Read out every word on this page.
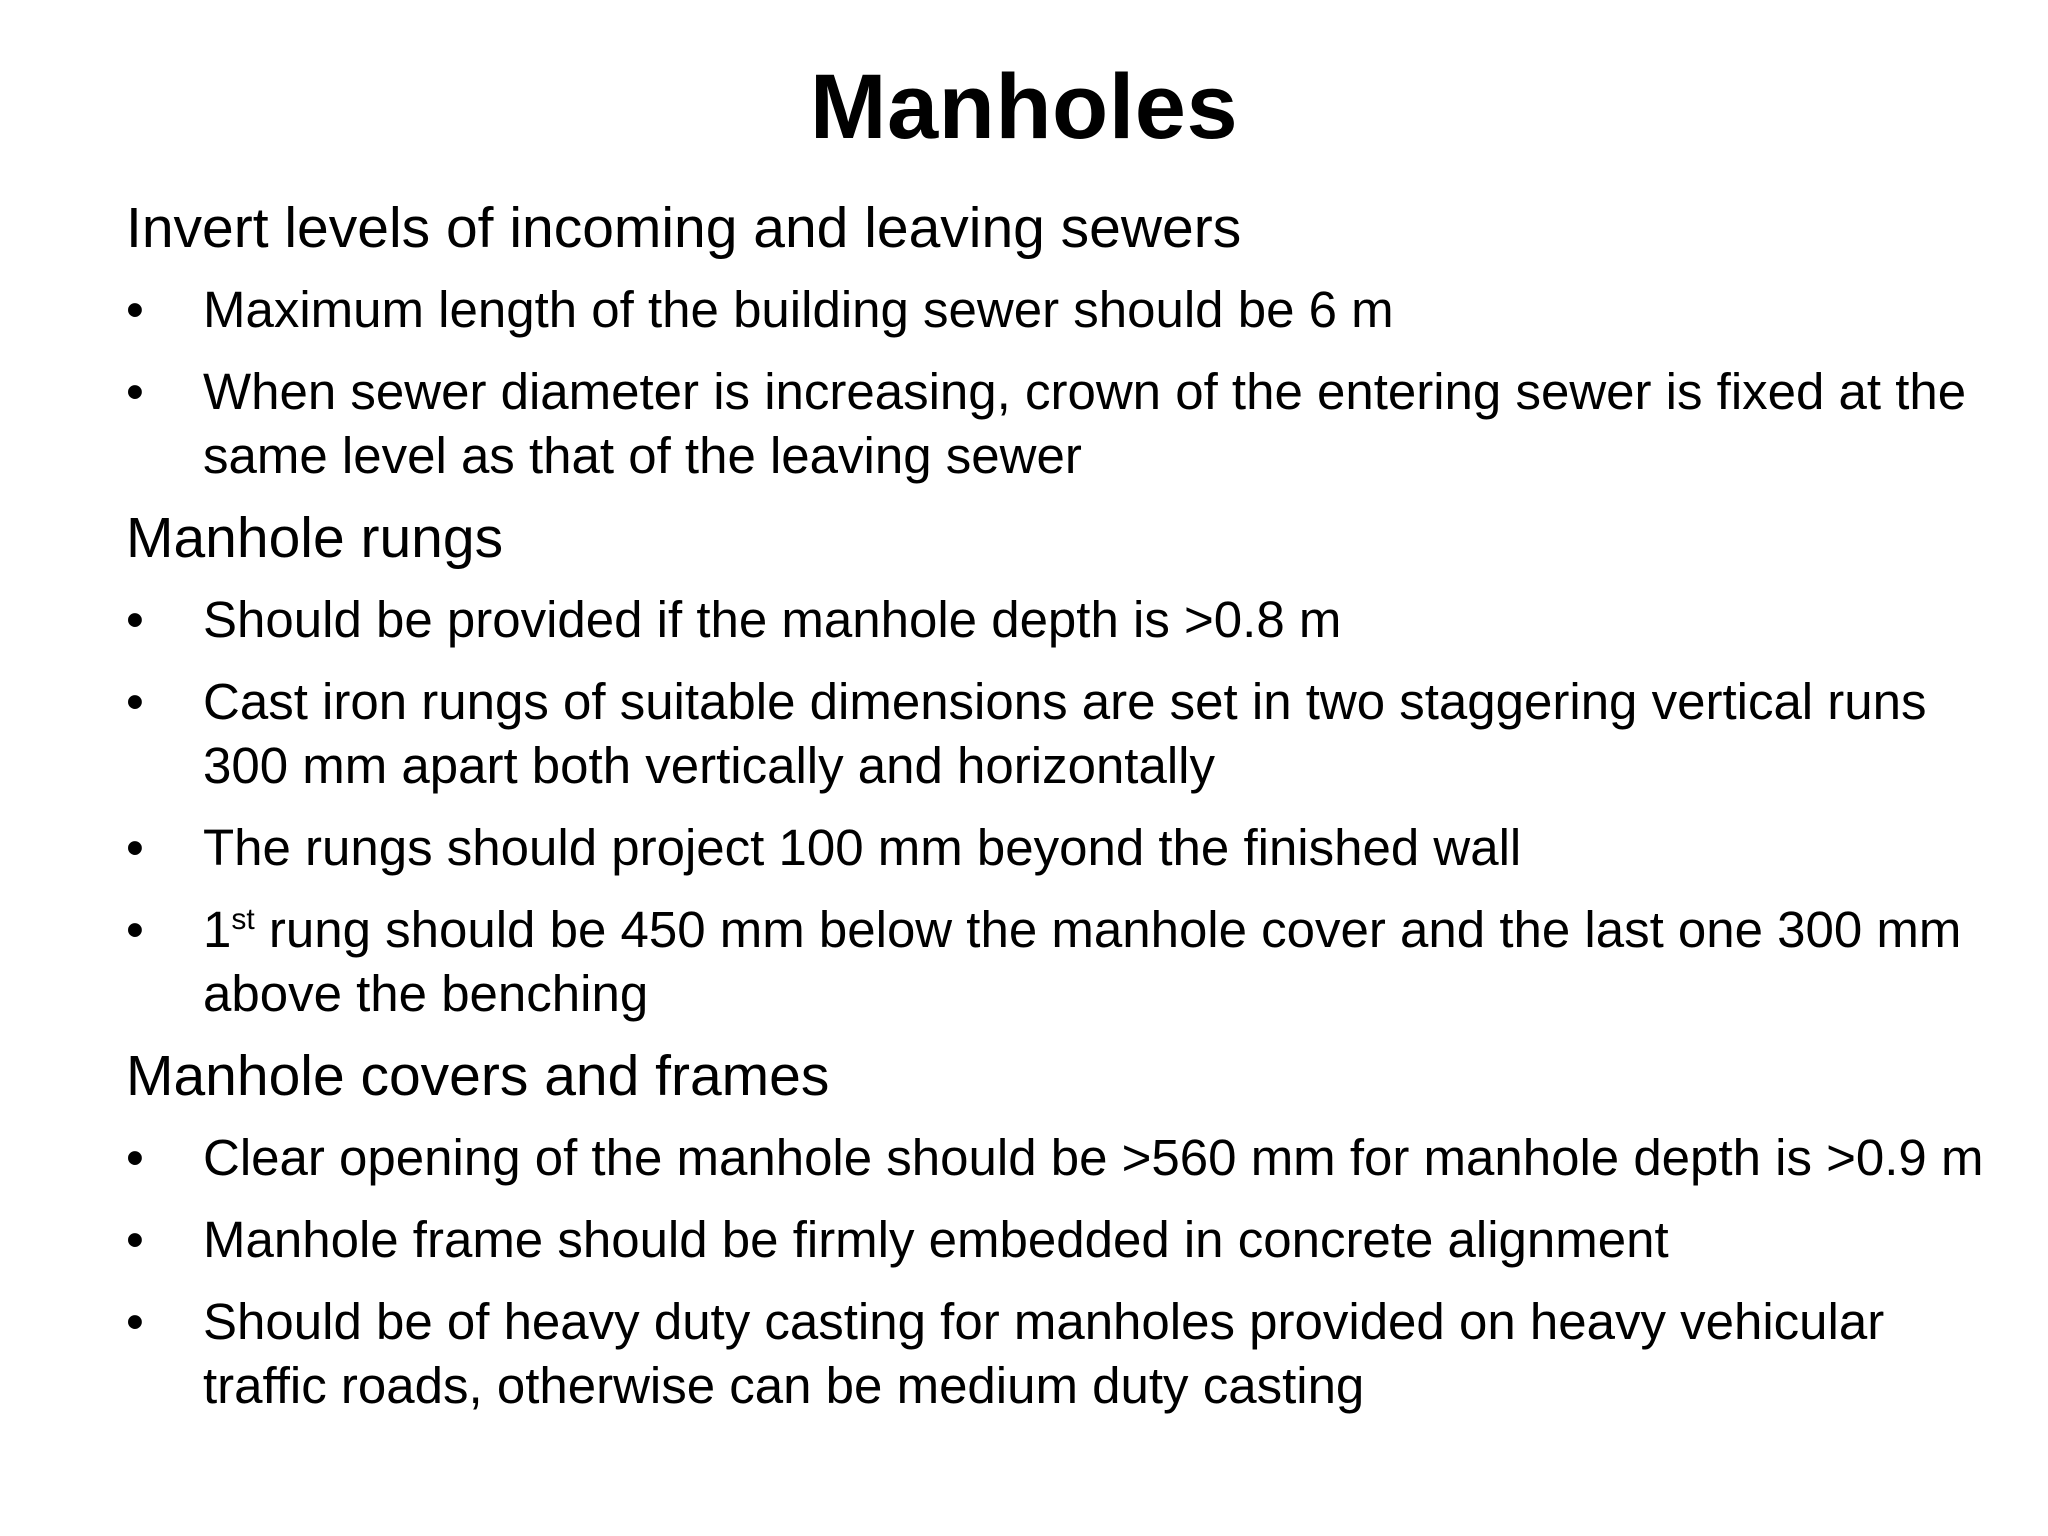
Manholes
Invert levels of incoming and leaving sewers
•	Maximum length of the building sewer should be 6 m
•	When sewer diameter is increasing, crown of the entering sewer is fixed at the same level as that of the leaving sewer
Manhole rungs
•	Should be provided if the manhole depth is >0.8 m
•	Cast iron rungs of suitable dimensions are set in two staggering vertical runs 300 mm apart both vertically and horizontally
•	The rungs should project 100 mm beyond the finished wall
•	1st rung should be 450 mm below the manhole cover and the last one 300 mm above the benching
Manhole covers and frames
•	Clear opening of the manhole should be >560 mm for manhole depth is >0.9 m
•	Manhole frame should be firmly embedded in concrete alignment
•	Should be of heavy duty casting for manholes provided on heavy vehicular traffic roads, otherwise can be medium duty casting
